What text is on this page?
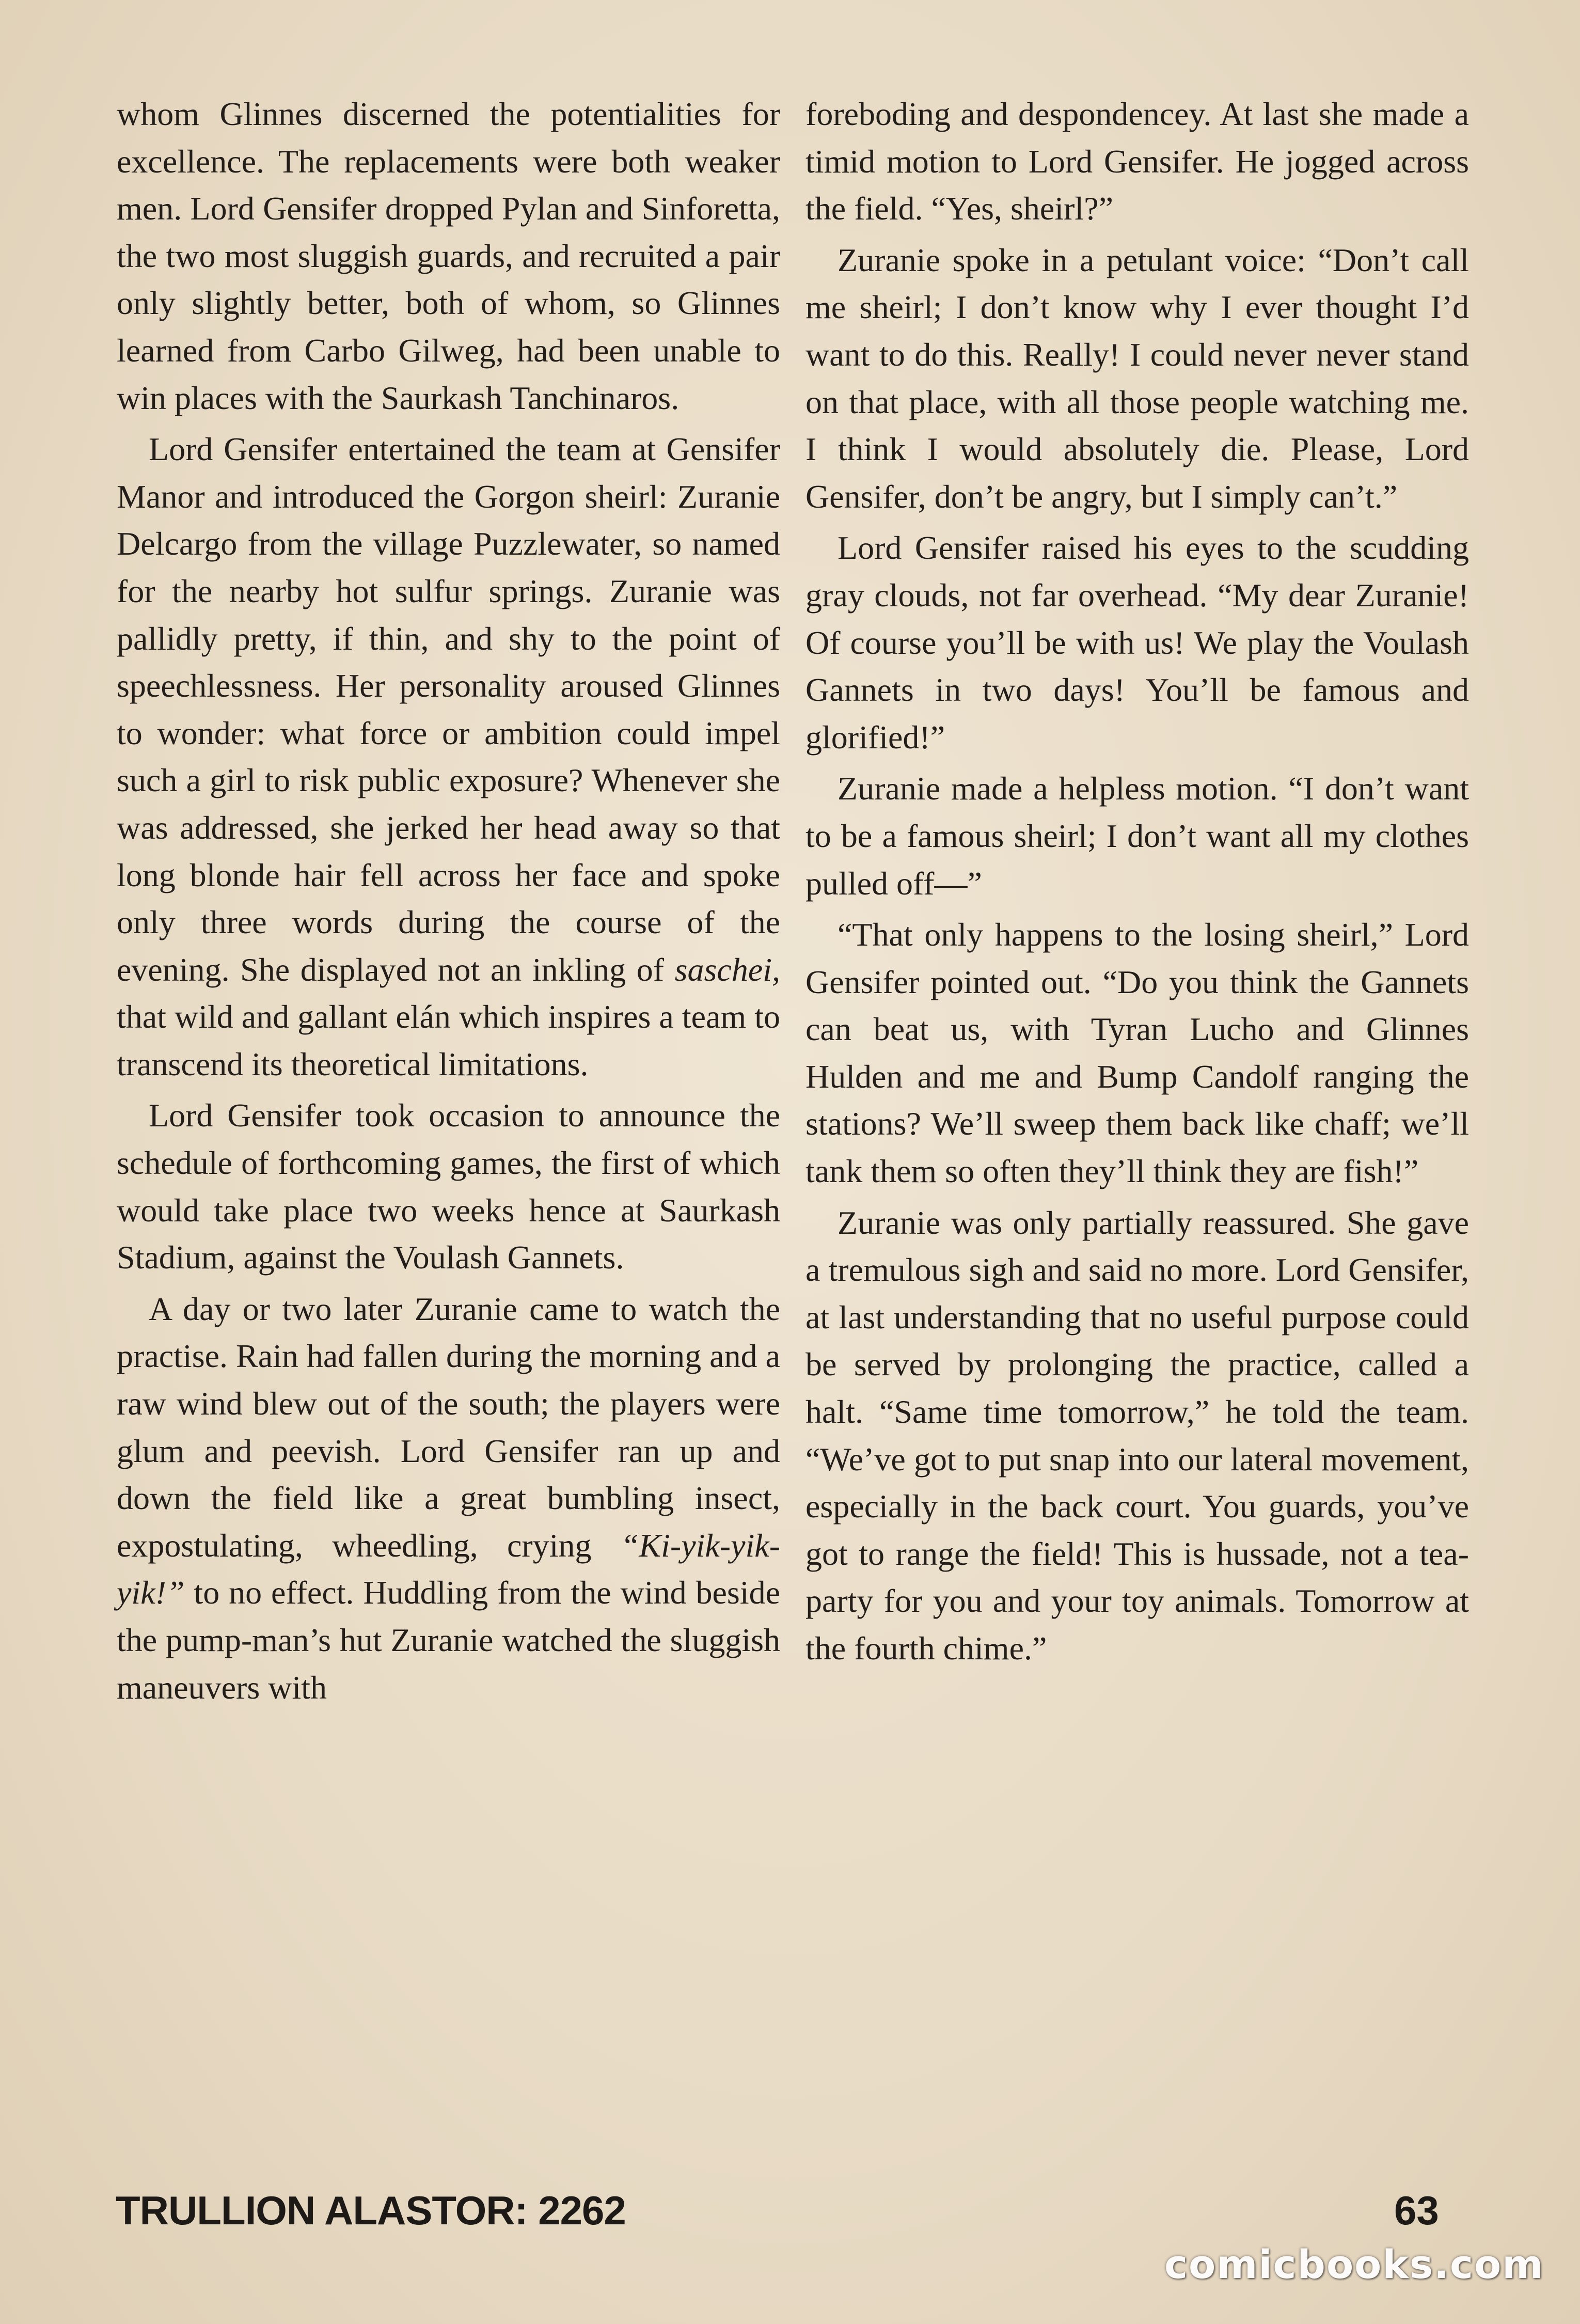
whom Glinnes discerned the potentialities for excellence. The replacements were both weaker men. Lord Gensifer dropped Pylan and Sinforetta, the two most sluggish guards, and recruited a pair only slightly better, both of whom, so Glinnes learned from Carbo Gilweg, had been unable to win places with the Saurkash Tanchinaros.

Lord Gensifer entertained the team at Gensifer Manor and introduced the Gorgon sheirl: Zuranie Delcargo from the village Puzzlewater, so named for the nearby hot sulfur springs. Zuranie was pallidly pretty, if thin, and shy to the point of speechlessness. Her personality aroused Glinnes to wonder: what force or ambition could impel such a girl to risk public exposure? Whenever she was addressed, she jerked her head away so that long blonde hair fell across her face and spoke only three words during the course of the evening. She displayed not an inkling of saschei, that wild and gallant elán which inspires a team to transcend its theoretical limitations.

Lord Gensifer took occasion to announce the schedule of forthcoming games, the first of which would take place two weeks hence at Saurkash Stadium, against the Voulash Gannets.

A day or two later Zuranie came to watch the practise. Rain had fallen during the morning and a raw wind blew out of the south; the players were glum and peevish. Lord Gensifer ran up and down the field like a great bumbling insect, expostulating, wheedling, crying “Ki-yik-yik-yik!” to no effect. Huddling from the wind beside the pump-man’s hut Zuranie watched the sluggish maneuvers with

foreboding and despondencey. At last she made a timid motion to Lord Gensifer. He jogged across the field. “Yes, sheirl?”

Zuranie spoke in a petulant voice: “Don’t call me sheirl; I don’t know why I ever thought I’d want to do this. Really! I could never never stand on that place, with all those people watching me. I think I would absolutely die. Please, Lord Gensifer, don’t be angry, but I simply can’t.”

Lord Gensifer raised his eyes to the scudding gray clouds, not far overhead. “My dear Zuranie! Of course you’ll be with us! We play the Voulash Gannets in two days! You’ll be famous and glorified!”

Zuranie made a helpless motion. “I don’t want to be a famous sheirl; I don’t want all my clothes pulled off—”

“That only happens to the losing sheirl,” Lord Gensifer pointed out. “Do you think the Gannets can beat us, with Tyran Lucho and Glinnes Hulden and me and Bump Candolf ranging the stations? We’ll sweep them back like chaff; we’ll tank them so often they’ll think they are fish!”

Zuranie was only partially reassured. She gave a tremulous sigh and said no more. Lord Gensifer, at last understanding that no useful purpose could be served by prolonging the practice, called a halt. “Same time tomorrow,” he told the team. “We’ve got to put snap into our lateral movement, especially in the back court. You guards, you’ve got to range the field! This is hussade, not a tea-party for you and your toy animals. Tomorrow at the fourth chime.”

TRULLION ALASTOR: 2262	63
comicbooks.com
